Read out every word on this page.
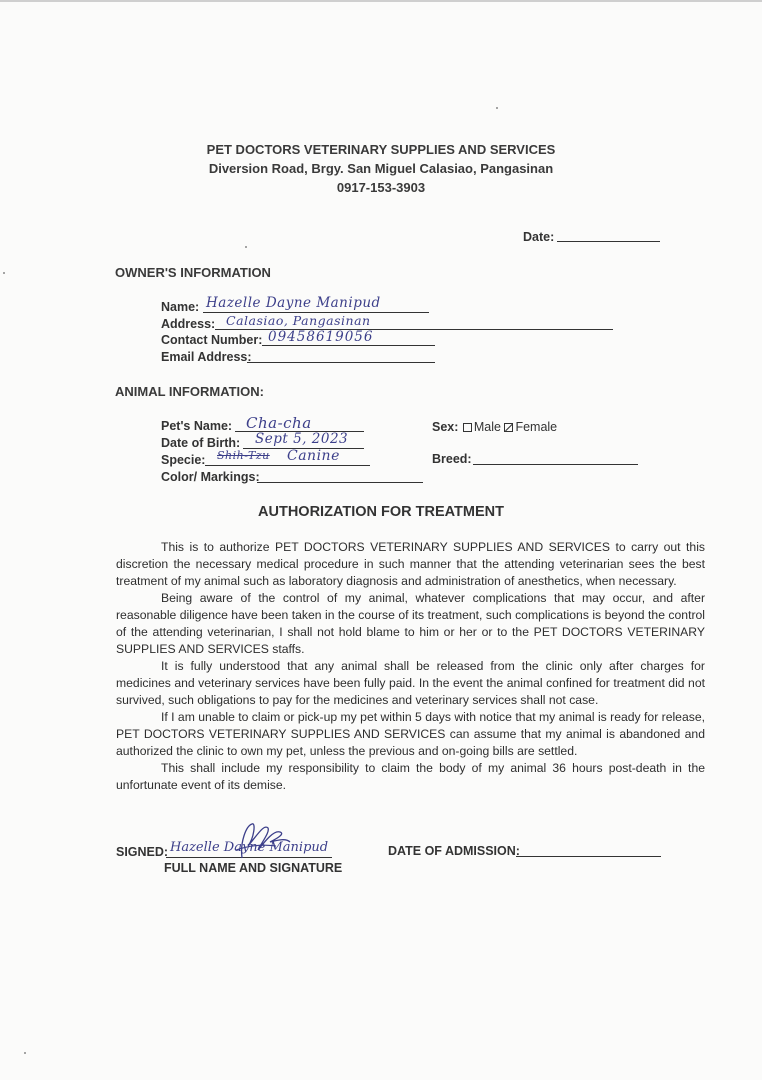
PET DOCTORS VETERINARY SUPPLIES AND SERVICES
Diversion Road, Brgy. San Miguel Calasiao, Pangasinan
0917-153-3903
Date:
OWNER'S INFORMATION
Name: Hazelle Dayne Manipud
Address: Calasiao, Pangasinan
Contact Number: 09458619056
Email Address:
ANIMAL INFORMATION:
Pet's Name: Cha-cha
Date of Birth: Sept 5, 2023
Specie: Shih-Tzu Canine
Color/ Markings:
Sex: Male Female
Breed:
AUTHORIZATION FOR TREATMENT

This is to authorize PET DOCTORS VETERINARY SUPPLIES AND SERVICES to carry out this discretion the necessary medical procedure in such manner that the attending veterinarian sees the best treatment of my animal such as laboratory diagnosis and administration of anesthetics, when necessary.

Being aware of the control of my animal, whatever complications that may occur, and after reasonable diligence have been taken in the course of its treatment, such complications is beyond the control of the attending veterinarian, I shall not hold blame to him or her or to the PET DOCTORS VETERINARY SUPPLIES AND SERVICES staffs.

It is fully understood that any animal shall be released from the clinic only after charges for medicines and veterinary services have been fully paid. In the event the animal confined for treatment did not survived, such obligations to pay for the medicines and veterinary services shall not case.

If I am unable to claim or pick-up my pet within 5 days with notice that my animal is ready for release, PET DOCTORS VETERINARY SUPPLIES AND SERVICES can assume that my animal is abandoned and authorized the clinic to own my pet, unless the previous and on-going bills are settled.

This shall include my responsibility to claim the body of my animal 36 hours post-death in the unfortunate event of its demise.

SIGNED: Hazelle Dayne Manipud
FULL NAME AND SIGNATURE
DATE OF ADMISSION:
